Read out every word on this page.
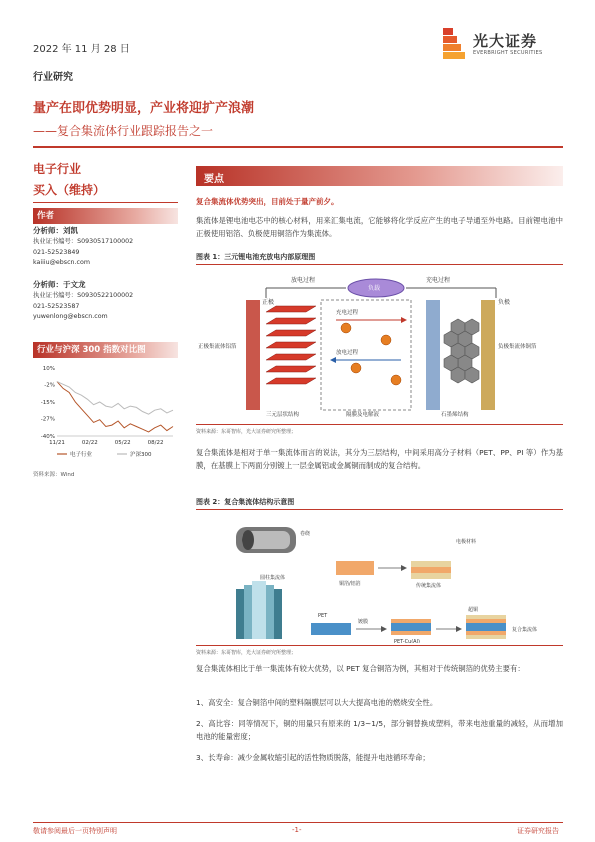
2022 年 11 月 28 日	光大证券
EVERBRIGHT SECURITIES
行业研究
量产在即优势明显，产业将迎扩产浪潮
——复合集流体行业跟踪报告之一
电子行业
买入（维持）
作者
分析师：刘凯
执业证书编号：S0930517100002
021-52523849
kaiiiu@ebscn.com
分析师：于文龙
执业证书编号：S0930522100002
021-52523587
yuwenlong@ebscn.com
行业与沪深 300 指数对比图
10%
-2%
-15%
-27%
-40%
11/21	02/22	05/22	08/22
电子行业	沪深300
资料来源：Wind
要点
复合集流体优势突出，目前处于量产前夕。
集流体是锂电池电芯中的核心材料，用来汇集电流，它能够将化学反应产生的电子导通至外电路。目前锂电池中正极使用铝箔、负极使用铜箔作为集流体。
图表 1：三元锂电池充放电内部原理图
放电过程	充电过程
负载
正极	负极
充电过程
放电过程
正极集流体铝箔	负极集流体铜箔
三元层状结构	隔膜及电解液	石墨烯结构
资料来源：东哥智库，光大证券研究所整理；
复合集流体是相对于单一集流体而言的说法，其分为三层结构，中间采用高分子材料（PET、PP、PI 等）作为基膜，在基膜上下两面分别镀上一层金属铝或金属铜而制成的复合结构。
图表 2：复合集流体结构示意图
卷绕
圆柱集流体
铜箔/铝箔	传统集流体
电极材料
PET
镀膜
PET-Cu(Al)
超铜
复合集流体
资料来源：东哥智库，光大证券研究所整理；
复合集流体相比于单一集流体有较大优势，以 PET 复合铜箔为例，其相对于传统铜箔的优势主要有：
1、高安全：复合铜箔中间的塑料隔膜层可以大大提高电池的燃烧安全性。
2、高比容：同等情况下，铜的用量只有原来的 1/3~1/5，部分铜替换成塑料，带来电池重量的减轻，从而增加电池的能量密度；
3、长寿命：减少金属收缩引起的活性物质脱落，能提升电池循环寿命；
敬请参阅最后一页特别声明	-1-	证券研究报告
